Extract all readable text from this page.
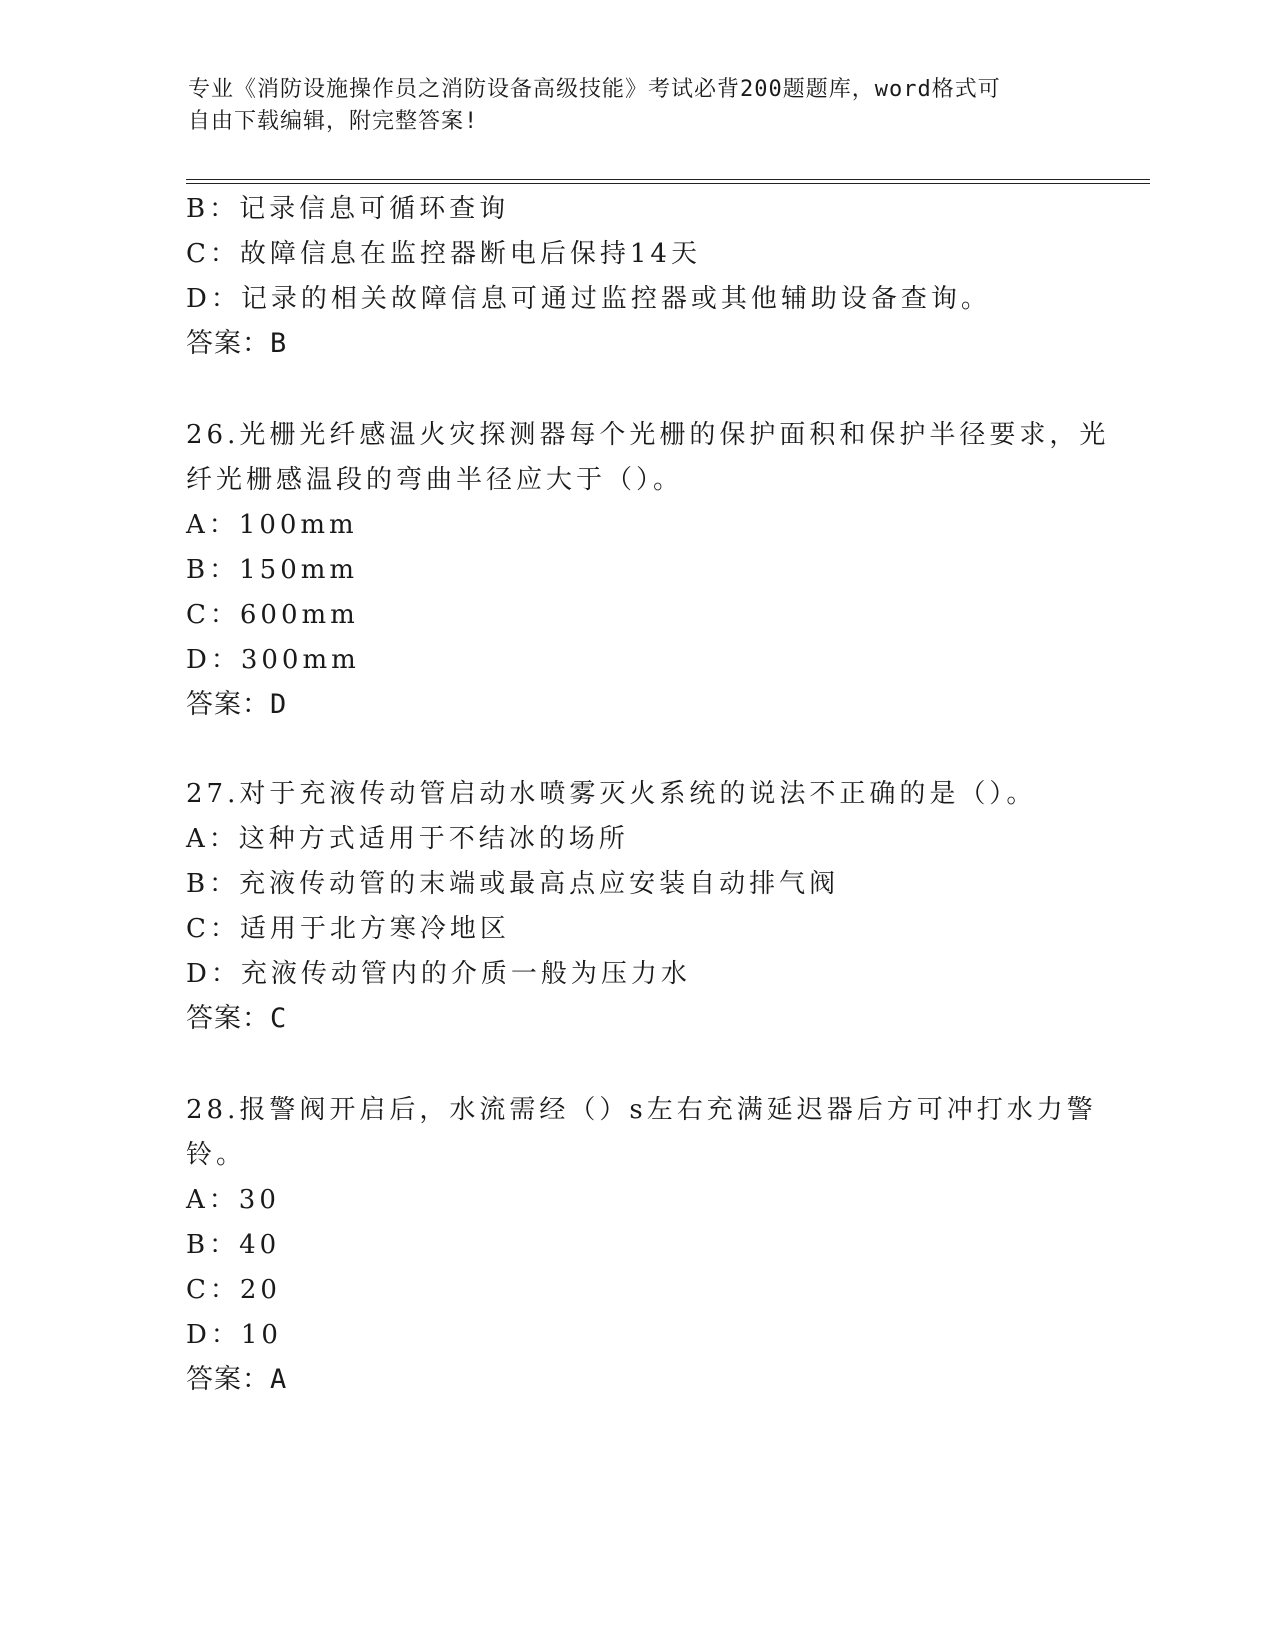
专业《消防设施操作员之消防设备高级技能》考试必背200题题库，word格式可
自由下载编辑，附完整答案!
B：记录信息可循环查询
C：故障信息在监控器断电后保持14天
D：记录的相关故障信息可通过监控器或其他辅助设备查询。
答案：B
26.光栅光纤感温火灾探测器每个光栅的保护面积和保护半径要求，光
纤光栅感温段的弯曲半径应大于（）。
A：100mm
B：150mm
C：600mm
D：300mm
答案：D
27.对于充液传动管启动水喷雾灭火系统的说法不正确的是（）。
A：这种方式适用于不结冰的场所
B：充液传动管的末端或最高点应安装自动排气阀
C：适用于北方寒冷地区
D：充液传动管内的介质一般为压力水
答案：C
28.报警阀开启后，水流需经（）s左右充满延迟器后方可冲打水力警
铃。
A：30
B：40
C：20
D：10
答案：A
